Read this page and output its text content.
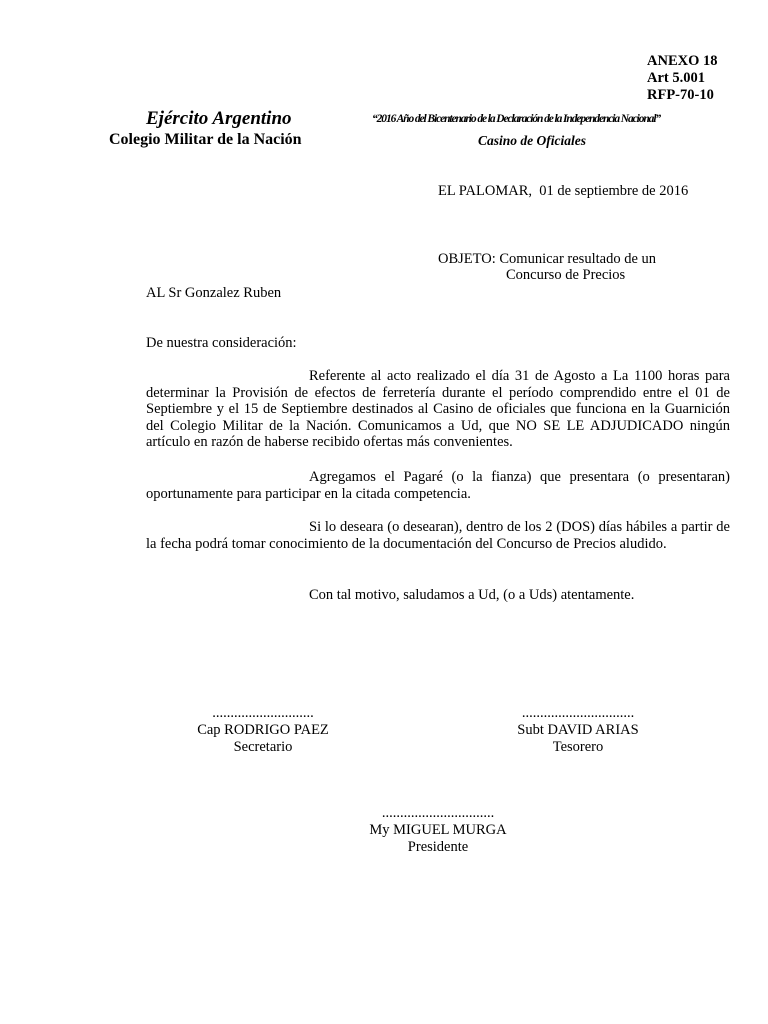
ANEXO 18
Art 5.001
RFP-70-10
Ejército Argentino
Colegio Militar de la Nación
“2016 Año del Bicentenario de la Declaración de la Independencia Nacional”
Casino de Oficiales
EL PALOMAR,  01 de septiembre de 2016
OBJETO: Comunicar resultado de un
Concurso de Precios
AL Sr Gonzalez Ruben
De nuestra consideración:
Referente al acto realizado el día 31 de Agosto a La 1100 horas para determinar la Provisión de efectos de ferretería durante el período comprendido entre el 01 de Septiembre y el 15 de Septiembre destinados al Casino de oficiales que funciona en la Guarnición del Colegio Militar de la Nación. Comunicamos a Ud, que NO SE LE ADJUDICADO ningún artículo en razón de haberse recibido ofertas más convenientes.
Agregamos el Pagaré (o la fianza) que presentara (o presentaran) oportunamente para participar en la citada competencia.
Si lo deseara (o desearan), dentro de los 2 (DOS) días hábiles a partir de la fecha podrá tomar conocimiento de la documentación del Concurso de Precios aludido.
Con tal motivo, saludamos a Ud, (o a Uds) atentamente.
............................
Cap RODRIGO PAEZ
Secretario
...............................
Subt DAVID ARIAS
Tesorero
...............................
My MIGUEL MURGA
Presidente
